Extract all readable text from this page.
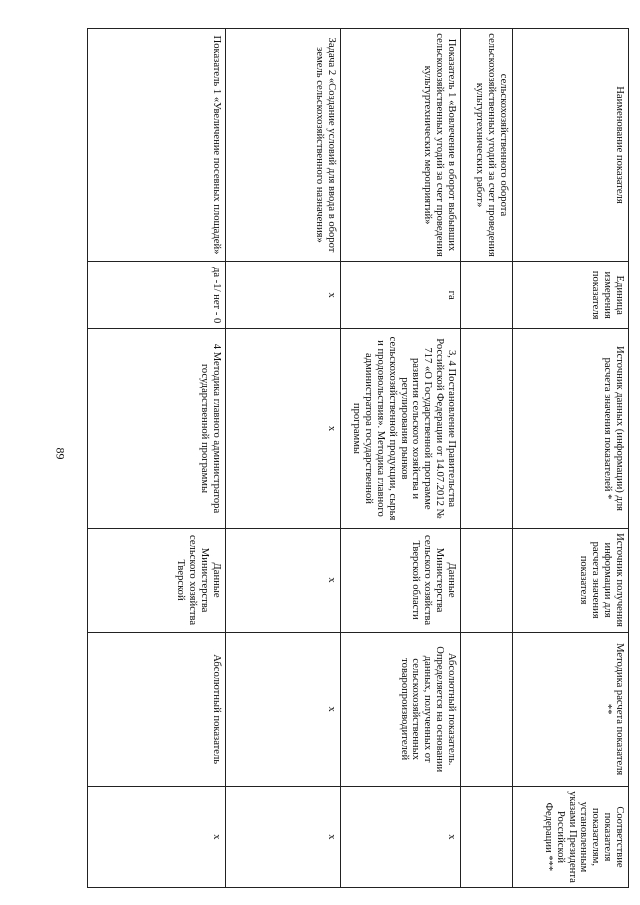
89
Наименование показателя	Единица измерения показателя	Источник данных (информации) для расчета значения показателей *	Источник получения информации для расчета значения показателя	Методика расчета показателя **	Соответствие показателя показателям, установленным указами Президента Российской Федерации ***
сельскохозяйственного оборота сельскохозяйственных угодий за счет проведения культуртехнических работ»					
Показатель 1 «Вовлечение в оборот выбывших сельскохозяйственных угодий за счет проведения культуртехнических мероприятий»	га	3, 4 Постановление Правительства Российской Федерации от 14.07.2012 № 717 «О Государственной программе развития сельского хозяйства и регулирования рынков сельскохозяйственной продукции, сырья и продовольствия». Методика главного администратора государственной программы	Данные Министерства сельского хозяйства Тверской области	Абсолютный показатель. Определяется на основании данных, полученных от сельскохозяйственных товаропроизводителей	х
Задача 2 «Создание условий для ввода в оборот земель сельскохозяйственного назначения»	х	х	х	х	х
Показатель 1 «Увеличение посевных площадей»	да -1/ нет - 0	4 Методика главного администратора государственной программы	Данные Министерства сельского хозяйства Тверской	Абсолютный показатель	х
